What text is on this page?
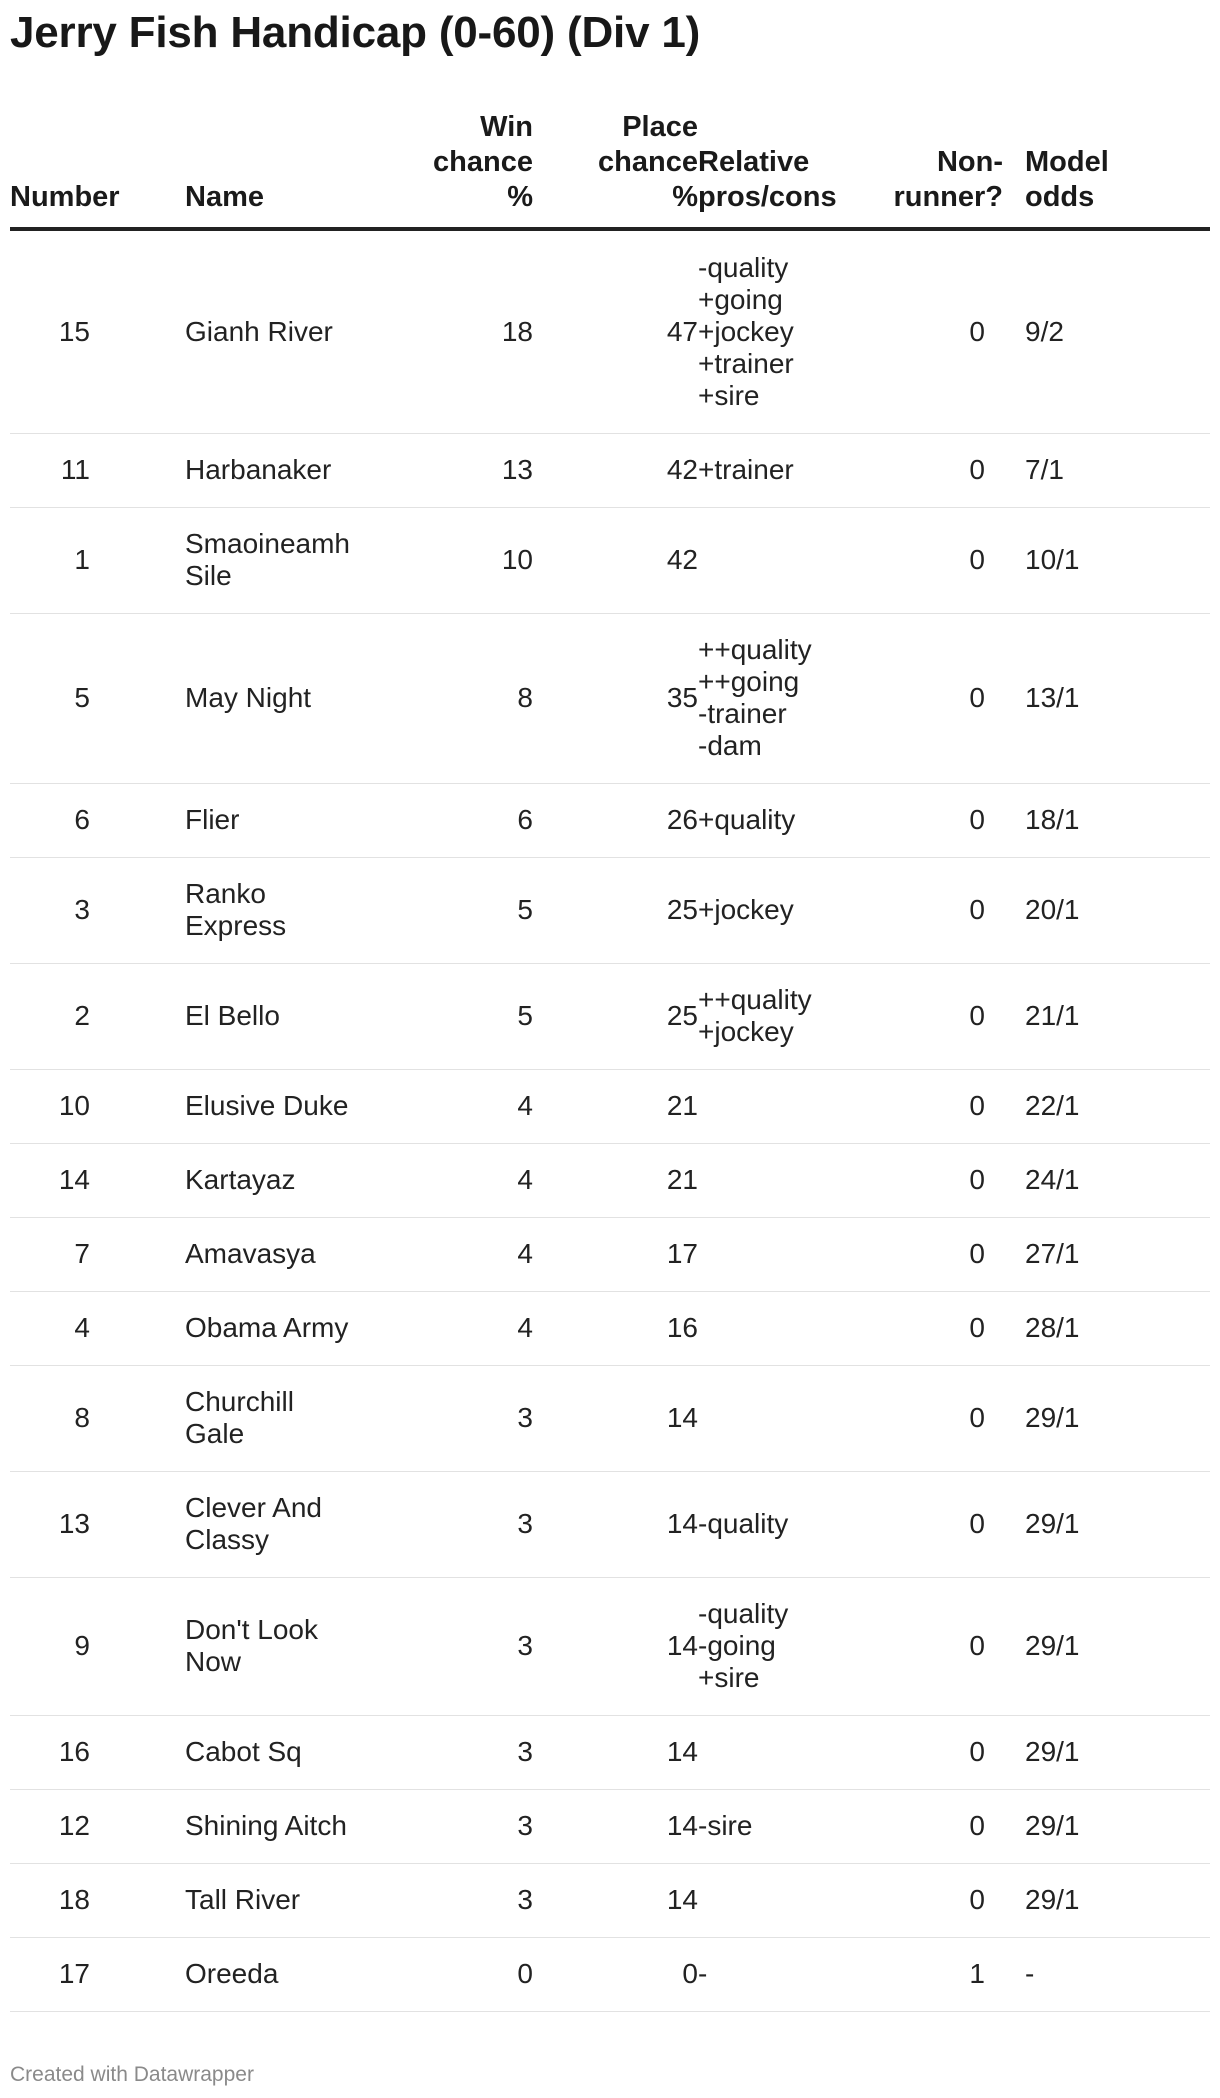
Jerry Fish Handicap (0-60) (Div 1)
Number	Name	Win chance %	Place chance %	Relative pros/cons	Non-runner?	Model odds
15	Gianh River	18	47	-quality
+going
+jockey
+trainer
+sire	0	9/2
11	Harbanaker	13	42	+trainer	0	7/1
1	Smaoineamh Sile	10	42		0	10/1
5	May Night	8	35	++quality
++going
-trainer
-dam	0	13/1
6	Flier	6	26	+quality	0	18/1
3	Ranko Express	5	25	+jockey	0	20/1
2	El Bello	5	25	++quality
+jockey	0	21/1
10	Elusive Duke	4	21		0	22/1
14	Kartayaz	4	21		0	24/1
7	Amavasya	4	17		0	27/1
4	Obama Army	4	16		0	28/1
8	Churchill Gale	3	14		0	29/1
13	Clever And Classy	3	14	-quality	0	29/1
9	Don't Look Now	3	14	-quality
-going
+sire	0	29/1
16	Cabot Sq	3	14		0	29/1
12	Shining Aitch	3	14	-sire	0	29/1
18	Tall River	3	14		0	29/1
17	Oreeda	0	0	-	1	-
Created with Datawrapper
